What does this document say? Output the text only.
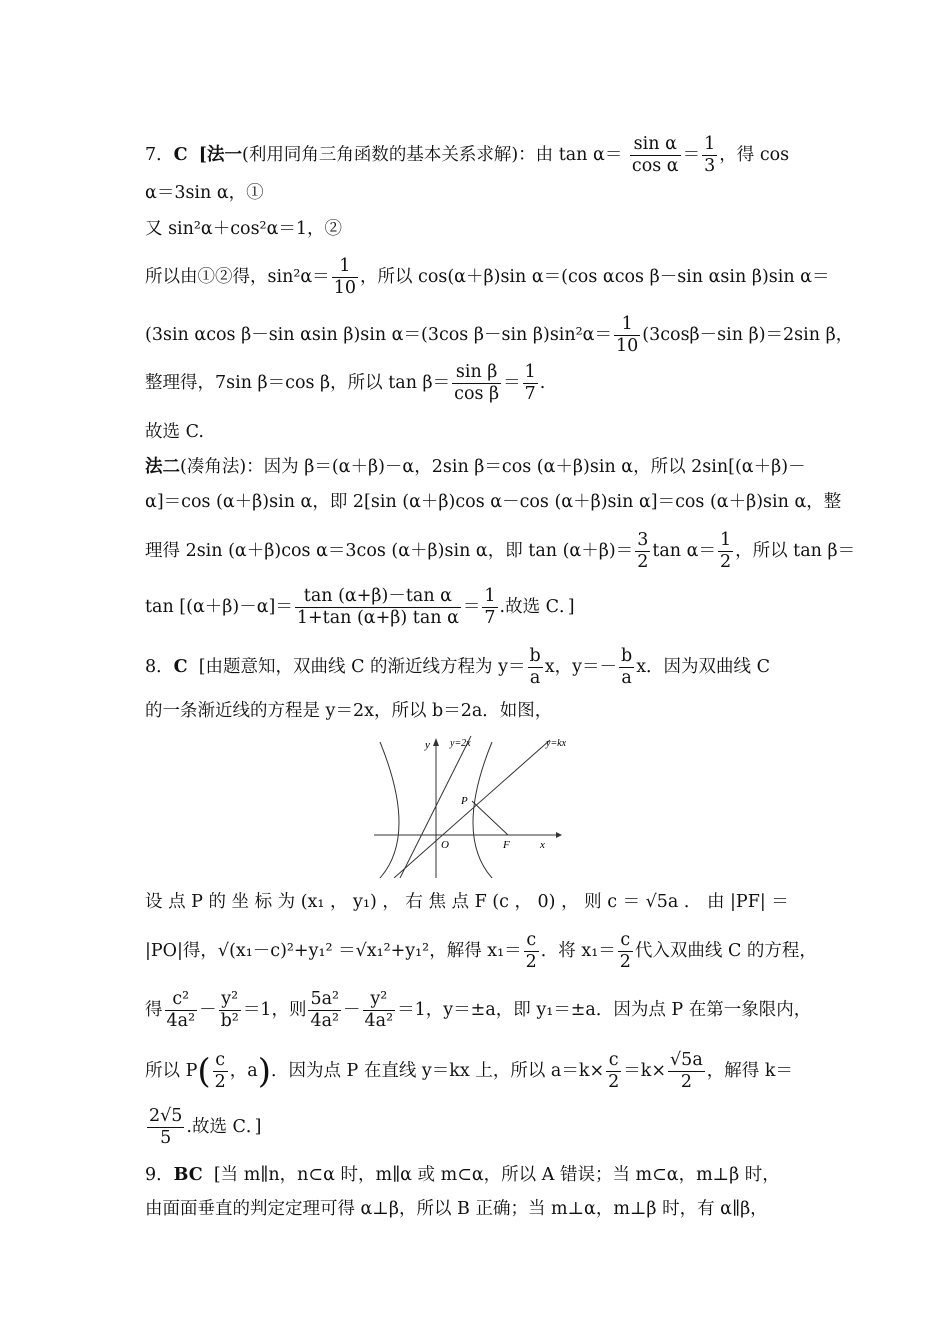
7．C [法一(利用同角三角函数的基本关系求解)：由 $\tan \alpha= \frac{\text{sin α}}{\text{cos α}} = \frac{1}{3}$ ，得 cos
α＝3sin α，①
又 sin²α＋cos²α＝1，②
所以由①②得，$\sin^2\alpha= \frac{1}{10}$ ，所以 cos(α＋β)sin α＝(cos αcos β－sin αsin β)sin α＝
(3sin αcos β－sin αsin β)sin α＝(3cos β－sin $\beta)\sin^2\alpha= \frac{1}{10} (3\cos\beta-\sin$ β)＝2sin β，
整理得，7sin β＝cos β，所以 $\tan \beta= \frac{\text{sin β}}{\text{cos β}} = \frac{1}{7}$ .
故选 C.
法二(凑角法)：因为 β＝(α＋β)－α，2sin β＝cos (α＋β)sin α，所以 2sin[(α＋β)－
α]＝cos (α＋β)sin α，即 2[sin (α＋β)cos α－cos (α＋β)sin α]＝cos (α＋β)sin α，整
理得 2sin (α＋β)cos α＝3cos (α＋β)sin α，即 $\tan (\alpha+\beta)= \frac{3}{2}$ $\tan \alpha= \frac{1}{2}$ ，所以 tan β＝
$\tan [(\alpha+\beta)-\alpha]= \frac{\text{tan (α+β)－tan α}}{\text{1+tan (α+β) tan α}} = \frac{1}{7}$ .故选 C．]
8．C [由题意知，双曲线 C 的渐近线方程为 $y= \frac{b}{a}$ x，$y=- \frac{b}{a}$ x．因为双曲线 C
的一条渐近线的方程是 y＝2x，所以 b＝2a．如图，
y y=2x	y=kx
P
O	F	x
设 点 P 的 坐 标 为 (x₁ ， y₁) ， 右 焦 点 F (c ， 0) ， 则 c ＝ √5a ． 由 |PF| ＝
|PO|得，√(x₁－c)²+y₁² ＝√x₁²+y₁²，解得 $x_1= \frac{c}{2}$ ．将 $x_1= \frac{c}{2}$ 代入双曲线 C 的方程，
得 $\frac{\text{c²}}{\text{4a²}} - \frac{\text{y²}}{\text{b²}} =1$，则 $\frac{\text{5a²}}{\text{4a²}} - \frac{\text{y²}}{\text{4a²}} =1$，y＝±a，即 y₁＝±a．因为点 P 在第一象限内，
所以 $P( \frac{c}{2}$ ，a)．因为点 P 在直线 y＝kx 上，所以 $a=k\times \frac{c}{2} =k\times \frac{√5a}{2}$ ，解得 k＝
$\frac{2√5}{5}$ .故选 C．]
9．BC [当 m∥n，n⊂α 时，m∥α 或 m⊂α，所以 A 错误；当 m⊂α，m⊥β 时，
由面面垂直的判定定理可得 α⊥β，所以 B 正确；当 m⊥α，m⊥β 时，有 α∥β，
